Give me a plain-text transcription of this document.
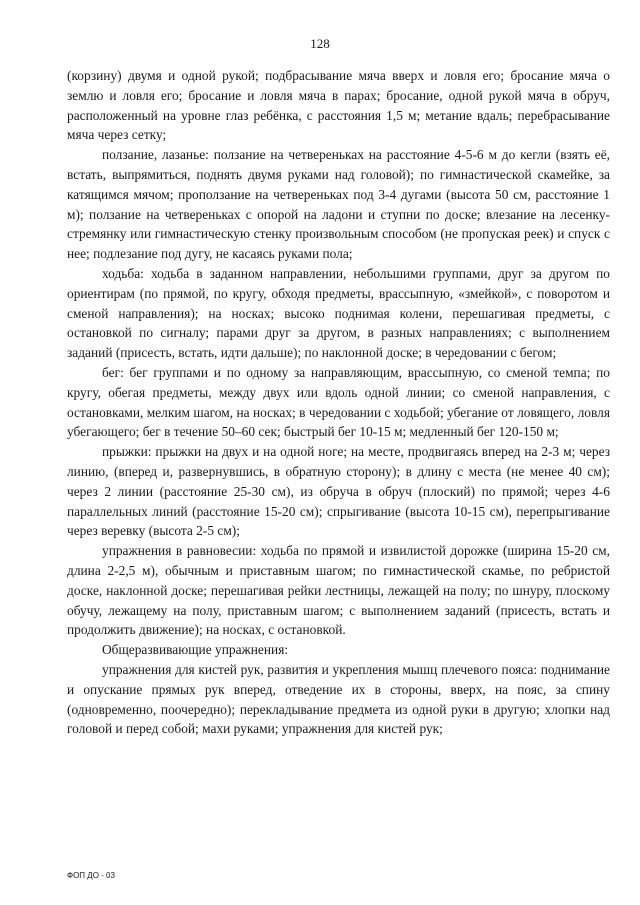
128

(корзину) двумя и одной рукой; подбрасывание мяча вверх и ловля его; бросание мяча о землю и ловля его; бросание и ловля мяча в парах; бросание, одной рукой мяча в обруч, расположенный на уровне глаз ребёнка, с расстояния 1,5 м; метание вдаль; перебрасывание мяча через сетку;

ползание, лазанье: ползание на четвереньках на расстояние 4-5-6 м до кегли (взять её, встать, выпрямиться, поднять двумя руками над головой); по гимнастической скамейке, за катящимся мячом; проползание на четвереньках под 3-4 дугами (высота 50 см, расстояние 1 м); ползание на четвереньках с опорой на ладони и ступни по доске; влезание на лесенку-стремянку или гимнастическую стенку произвольным способом (не пропуская реек) и спуск с нее; подлезание под дугу, не касаясь руками пола;

ходьба: ходьба в заданном направлении, небольшими группами, друг за другом по ориентирам (по прямой, по кругу, обходя предметы, врассыпную, «змейкой», с поворотом и сменой направления); на носках; высоко поднимая колени, перешагивая предметы, с остановкой по сигналу; парами друг за другом, в разных направлениях; с выполнением заданий (присесть, встать, идти дальше); по наклонной доске; в чередовании с бегом;

бег: бег группами и по одному за направляющим, врассыпную, со сменой темпа; по кругу, обегая предметы, между двух или вдоль одной линии; со сменой направления, с остановками, мелким шагом, на носках; в чередовании с ходьбой; убегание от ловящего, ловля убегающего; бег в течение 50–60 сек; быстрый бег 10-15 м; медленный бег 120-150 м;

прыжки: прыжки на двух и на одной ноге; на месте, продвигаясь вперед на 2-3 м; через линию, (вперед и, развернувшись, в обратную сторону); в длину с места (не менее 40 см); через 2 линии (расстояние 25-30 см), из обруча в обруч (плоский) по прямой; через 4-6 параллельных линий (расстояние 15-20 см); спрыгивание (высота 10-15 см), перепрыгивание через веревку (высота 2-5 см);

упражнения в равновесии: ходьба по прямой и извилистой дорожке (ширина 15-20 см, длина 2-2,5 м), обычным и приставным шагом; по гимнастической скамье, по ребристой доске, наклонной доске; перешагивая рейки лестницы, лежащей на полу; по шнуру, плоскому обучу, лежащему на полу, приставным шагом; с выполнением заданий (присесть, встать и продолжить движение); на носках, с остановкой.

Общеразвивающие упражнения:

упражнения для кистей рук, развития и укрепления мышц плечевого пояса: поднимание и опускание прямых рук вперед, отведение их в стороны, вверх, на пояс, за спину (одновременно, поочередно); перекладывание предмета из одной руки в другую; хлопки над головой и перед собой; махи руками; упражнения для кистей рук;

ФОП ДО - 03
